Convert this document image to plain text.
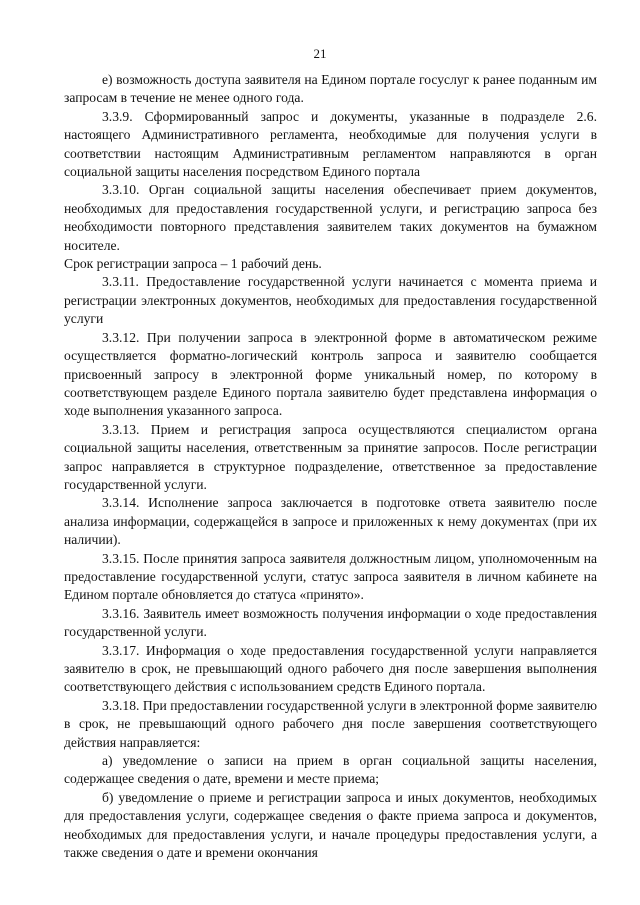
21

е) возможность доступа заявителя на Едином портале госуслуг к ранее поданным им запросам в течение не менее одного года.

3.3.9. Сформированный запрос и документы, указанные в подразделе 2.6. настоящего Административного регламента, необходимые для получения услуги в соответствии настоящим Административным регламентом направляются в орган социальной защиты населения посредством Единого портала

3.3.10. Орган социальной защиты населения обеспечивает прием документов, необходимых для предоставления государственной услуги, и регистрацию запроса без необходимости повторного представления заявителем таких документов на бумажном носителе.

Срок регистрации запроса – 1 рабочий день.

3.3.11. Предоставление государственной услуги начинается с момента приема и регистрации электронных документов, необходимых для предоставления государственной услуги

3.3.12. При получении запроса в электронной форме в автоматическом режиме осуществляется форматно-логический контроль запроса и заявителю сообщается присвоенный запросу в электронной форме уникальный номер, по которому в соответствующем разделе Единого портала заявителю будет представлена информация о ходе выполнения указанного запроса.

3.3.13. Прием и регистрация запроса осуществляются специалистом органа социальной защиты населения, ответственным за принятие запросов. После регистрации запрос направляется в структурное подразделение, ответственное за предоставление государственной услуги.

3.3.14. Исполнение запроса заключается в подготовке ответа заявителю после анализа информации, содержащейся в запросе и приложенных к нему документах (при их наличии).

3.3.15. После принятия запроса заявителя должностным лицом, уполномоченным на предоставление государственной услуги, статус запроса заявителя в личном кабинете на Едином портале обновляется до статуса «принято».

3.3.16. Заявитель имеет возможность получения информации о ходе предоставления государственной услуги.

3.3.17. Информация о ходе предоставления государственной услуги направляется заявителю в срок, не превышающий одного рабочего дня после завершения выполнения соответствующего действия с использованием средств Единого портала.

3.3.18. При предоставлении государственной услуги в электронной форме заявителю в срок, не превышающий одного рабочего дня после завершения соответствующего действия направляется:

а) уведомление о записи на прием в орган социальной защиты населения, содержащее сведения о дате, времени и месте приема;

б) уведомление о приеме и регистрации запроса и иных документов, необходимых для предоставления услуги, содержащее сведения о факте приема запроса и документов, необходимых для предоставления услуги, и начале процедуры предоставления услуги, а также сведения о дате и времени окончания
